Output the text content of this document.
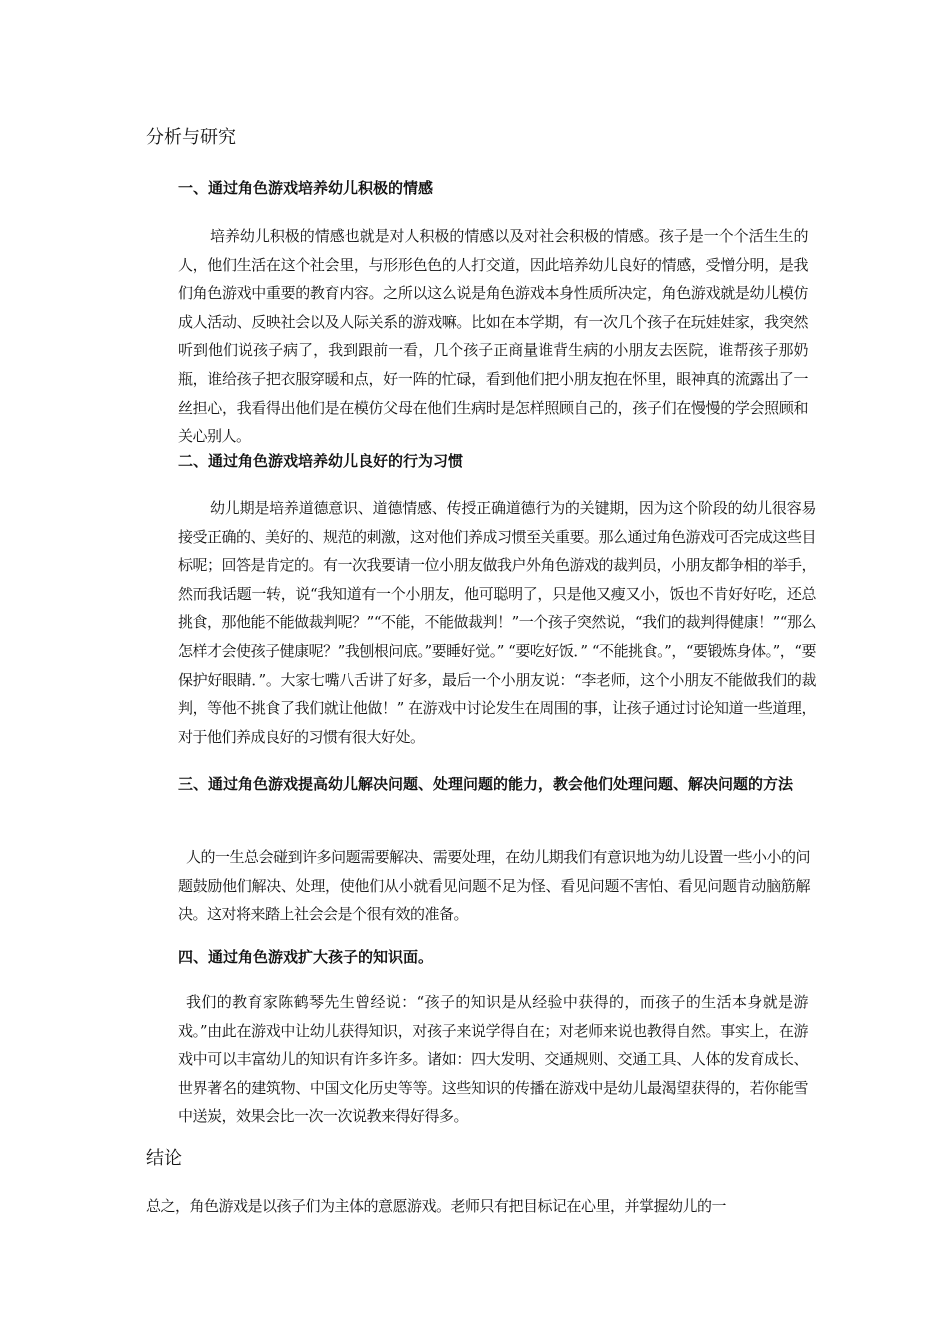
分析与研究
一、通过角色游戏培养幼儿积极的情感

培养幼儿积极的情感也就是对人积极的情感以及对社会积极的情感。孩子是一个个活生生的人，他们生活在这个社会里，与形形色色的人打交道，因此培养幼儿良好的情感，受憎分明，是我们角色游戏中重要的教育内容。之所以这么说是角色游戏本身性质所决定，角色游戏就是幼儿模仿成人活动、反映社会以及人际关系的游戏嘛。比如在本学期，有一次几个孩子在玩娃娃家，我突然听到他们说孩子病了，我到跟前一看，几个孩子正商量谁背生病的小朋友去医院，谁帮孩子那奶瓶，谁给孩子把衣服穿暖和点，好一阵的忙碌，看到他们把小朋友抱在怀里，眼神真的流露出了一丝担心，我看得出他们是在模仿父母在他们生病时是怎样照顾自己的，孩子们在慢慢的学会照顾和关心别人。

二、通过角色游戏培养幼儿良好的行为习惯

幼儿期是培养道德意识、道德情感、传授正确道德行为的关键期，因为这个阶段的幼儿很容易接受正确的、美好的、规范的刺激，这对他们养成习惯至关重要。那么通过角色游戏可否完成这些目标呢；回答是肯定的。有一次我要请一位小朋友做我户外角色游戏的裁判员，小朋友都争相的举手，然而我话题一转，说“我知道有一个小朋友，他可聪明了，只是他又瘦又小，饭也不肯好好吃，还总挑食，那他能不能做裁判呢？”“不能，不能做裁判！”一个孩子突然说，“我们的裁判得健康！”“那么怎样才会使孩子健康呢？”我刨根问底。”要睡好觉。” “要吃好饭．” “不能挑食。”，“要锻炼身体。”，“要保护好眼睛．”。大家七嘴八舌讲了好多，最后一个小朋友说：“李老师，这个小朋友不能做我们的裁判，等他不挑食了我们就让他做！” 在游戏中讨论发生在周围的事，让孩子通过讨论知道一些道理，对于他们养成良好的习惯有很大好处。

三、通过角色游戏提高幼儿解决问题、处理问题的能力，教会他们处理问题、解决问题的方法

人的一生总会碰到许多问题需要解决、需要处理，在幼儿期我们有意识地为幼儿设置一些小小的问题鼓励他们解决、处理，使他们从小就看见问题不足为怪、看见问题不害怕、看见问题肯动脑筋解决。这对将来踏上社会会是个很有效的准备。

四、通过角色游戏扩大孩子的知识面。

我们的教育家陈鹤琴先生曾经说：“孩子的知识是从经验中获得的，而孩子的生活本身就是游戏。”由此在游戏中让幼儿获得知识，对孩子来说学得自在；对老师来说也教得自然。事实上，在游戏中可以丰富幼儿的知识有许多许多。诸如：四大发明、交通规则、交通工具、人体的发育成长、世界著名的建筑物、中国文化历史等等。这些知识的传播在游戏中是幼儿最渴望获得的，若你能雪中送炭，效果会比一次一次说教来得好得多。

结论

总之，角色游戏是以孩子们为主体的意愿游戏。老师只有把目标记在心里，并掌握幼儿的一
